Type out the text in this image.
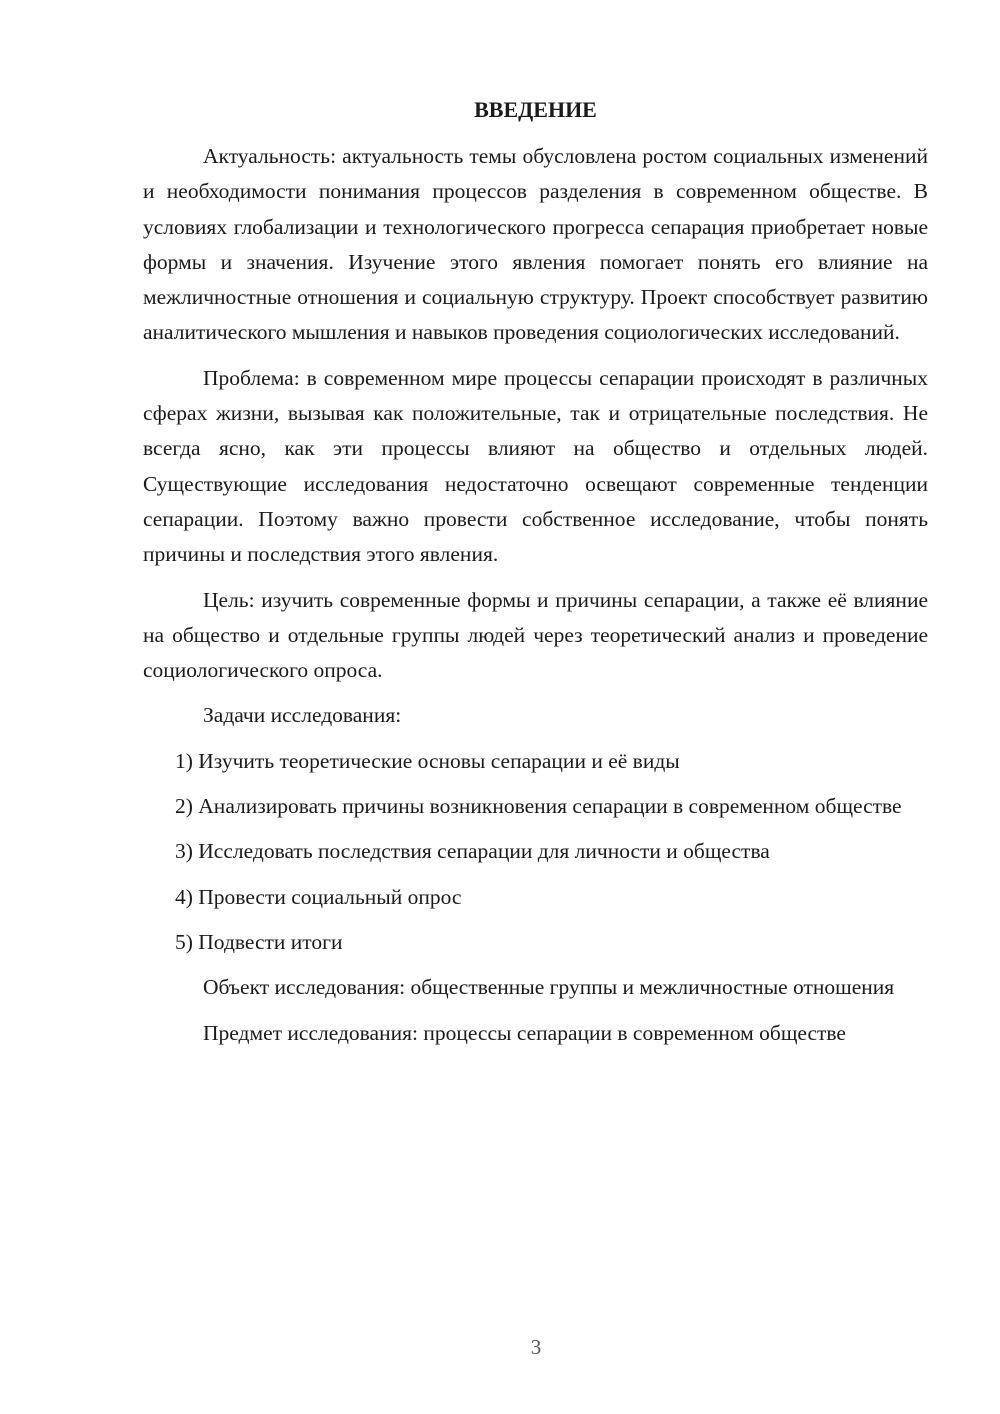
ВВЕДЕНИЕ

Актуальность: актуальность темы обусловлена ростом социальных изменений и необходимости понимания процессов разделения в современном обществе. В условиях глобализации и технологического прогресса сепарация приобретает новые формы и значения. Изучение этого явления помогает понять его влияние на межличностные отношения и социальную структуру. Проект способствует развитию аналитического мышления и навыков проведения социологических исследований.

Проблема: в современном мире процессы сепарации происходят в различных сферах жизни, вызывая как положительные, так и отрицательные последствия. Не всегда ясно, как эти процессы влияют на общество и отдельных людей. Существующие исследования недостаточно освещают современные тенденции сепарации. Поэтому важно провести собственное исследование, чтобы понять причины и последствия этого явления.

Цель: изучить современные формы и причины сепарации, а также её влияние на общество и отдельные группы людей через теоретический анализ и проведение социологического опроса.

Задачи исследования:

1) Изучить теоретические основы сепарации и её виды

2) Анализировать причины возникновения сепарации в современном обществе

3) Исследовать последствия сепарации для личности и общества

4) Провести социальный опрос

5) Подвести итоги

Объект исследования: общественные группы и межличностные отношения

Предмет исследования: процессы сепарации в современном обществе

3
